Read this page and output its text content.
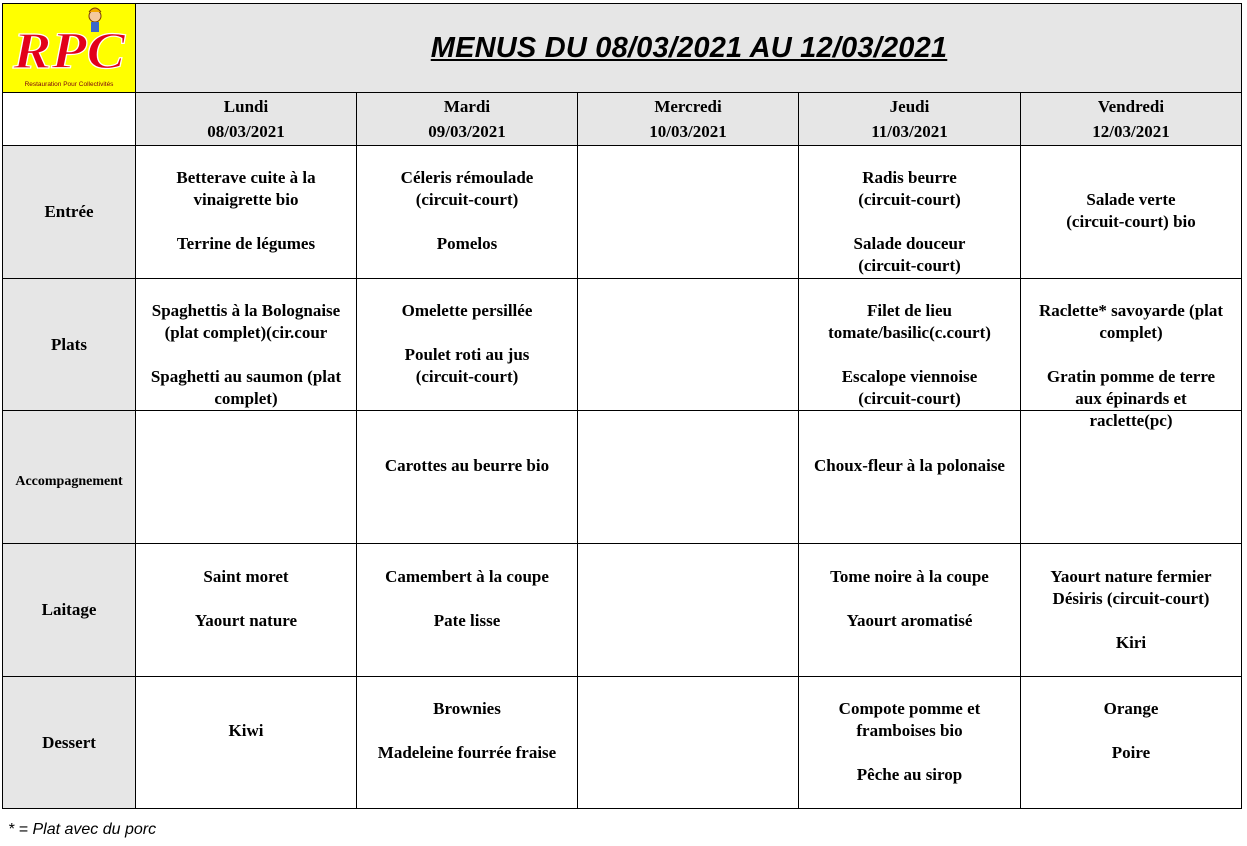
RPC
Restauration Pour Collectivités
MENUS DU 08/03/2021 AU 12/03/2021
Lundi
08/03/2021
Mardi
09/03/2021
Mercredi
10/03/2021
Jeudi
11/03/2021
Vendredi
12/03/2021
Entrée
Plats
Accompagnement
Laitage
Dessert

Betterave cuite à la

vinaigrette bio

Terrine de légumes

Céleris rémoulade

(circuit-court)

Pomelos

Radis beurre

(circuit-court)

Salade douceur

(circuit-court)

Salade verte

(circuit-court) bio

Spaghettis à la Bolognaise

(plat complet)(cir.cour

Spaghetti au saumon (plat

complet)

Omelette persillée

Poulet roti au jus

(circuit-court)

Filet de lieu

tomate/basilic(c.court)

Escalope viennoise

(circuit-court)

Raclette* savoyarde (plat

complet)

Gratin pomme de terre

aux épinards et

raclette(pc)

Carottes au beurre bio	Choux-fleur à la polonaise

Saint moret

Yaourt nature

Camembert à la coupe

Pate lisse

Tome noire à la coupe

Yaourt aromatisé

Yaourt nature fermier

Désiris (circuit-court)

Kiri

Kiwi

Brownies

Madeleine fourrée fraise

Compote pomme et

framboises bio

Pêche au sirop

Orange

Poire

* = Plat avec du porc
